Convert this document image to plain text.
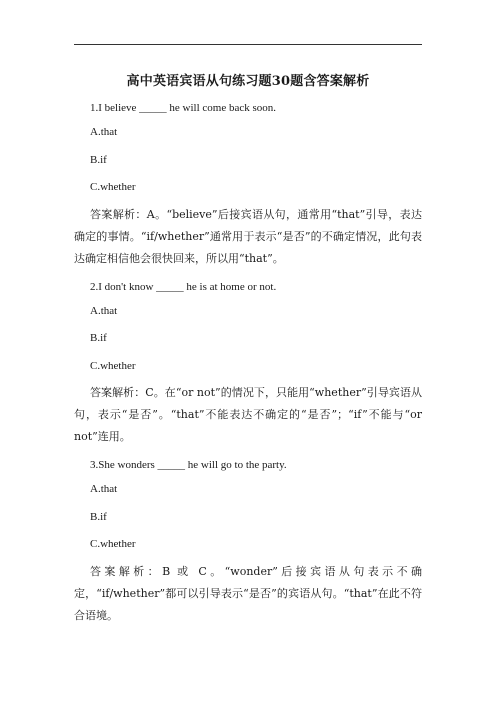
高中英语宾语从句练习题30题含答案解析

1.I believe _____ he will come back soon.

A.that

B.if

C.whether

答案解析：A。“believe”后接宾语从句，通常用“that”引导，表达确定的事情。“if/whether”通常用于表示“是否”的不确定情况，此句表达确定相信他会很快回来，所以用“that”。

2.I don't know _____ he is at home or not.

A.that

B.if

C.whether

答案解析：C。在“or not”的情况下，只能用“whether”引导宾语从句，表示“是否”。“that”不能表达不确定的“是否”；“if”不能与“or not”连用。

3.She wonders _____ he will go to the party.

A.that

B.if

C.whether

答案解析：B 或 C。“wonder”后接宾语从句表示不确定，“if/whether”都可以引导表示“是否”的宾语从句。“that”在此不符合语境。
